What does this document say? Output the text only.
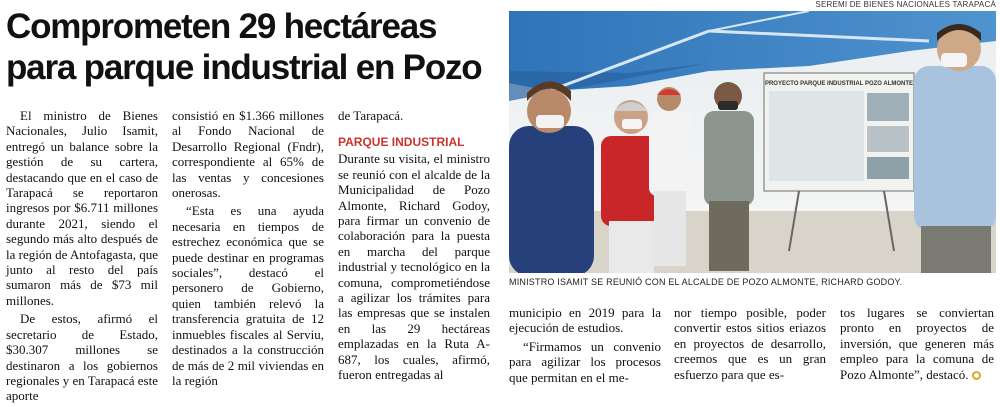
Comprometen 29 hectáreas para parque industrial en Pozo

El ministro de Bienes Nacionales, Julio Isamit, entregó un balance sobre la gestión de su cartera, destacando que en el caso de Tarapacá se reportaron ingresos por $6.711 millones durante 2021, siendo el segundo más alto después de la región de Antofagasta, que junto al resto del país sumaron más de $73 mil millones.

De estos, afirmó el secretario de Estado, $30.307 millones se destinaron a los gobiernos regionales y en Tarapacá este aporte

consistió en $1.366 millones al Fondo Nacional de Desarrollo Regional (Fndr), correspondiente al 65% de las ventas y concesiones onerosas.

“Esta es una ayuda necesaria en tiempos de estrechez económica que se puede destinar en programas sociales”, destacó el personero de Gobierno, quien también relevó la transferencia gratuita de 12 inmuebles fiscales al Serviu, destinados a la construcción de más de 2 mil viviendas en la región

de Tarapacá.

PARQUE INDUSTRIAL

Durante su visita, el ministro se reunió con el alcalde de la Municipalidad de Pozo Almonte, Richard Godoy, para firmar un convenio de colaboración para la puesta en marcha del parque industrial y tecnológico en la comuna, comprometiéndose a agilizar los trámites para las empresas que se instalen en las 29 hectáreas emplazadas en la Ruta A-687, los cuales, afirmó, fueron entregadas al

SEREMI DE BIENES NACIONALES TARAPACÁ
PROYECTO PARQUE INDUSTRIAL POZO ALMONTE
MINISTRO ISAMIT SE REUNIÓ CON EL ALCALDE DE POZO ALMONTE, RICHARD GODOY.

municipio en 2019 para la ejecución de estudios.

“Firmamos un convenio para agilizar los procesos que permitan en el me-

nor tiempo posible, poder convertir estos sitios eriazos en proyectos de desarrollo, creemos que es un gran esfuerzo para que es-

tos lugares se conviertan pronto en proyectos de inversión, que generen más empleo para la comuna de Pozo Almonte”, destacó.
